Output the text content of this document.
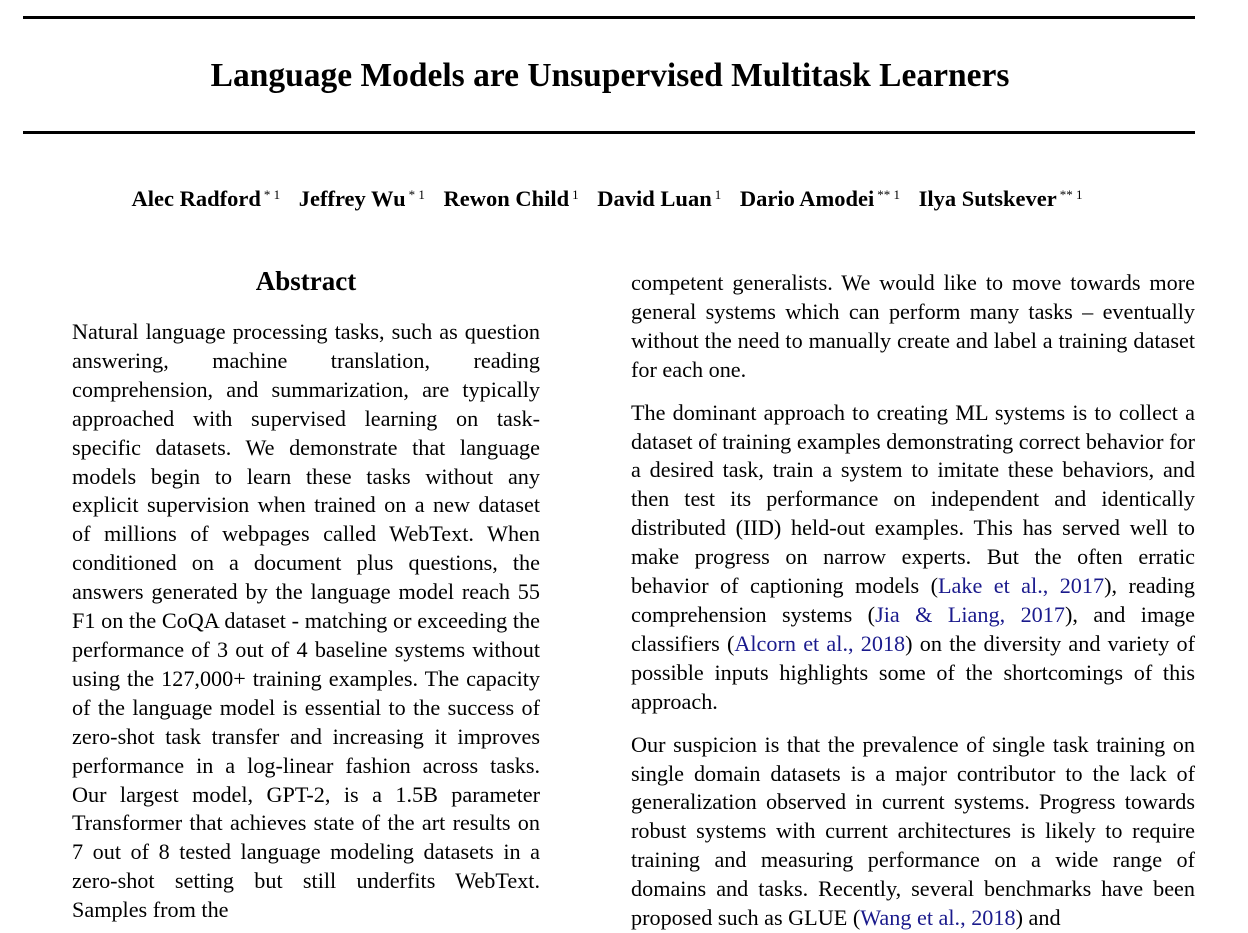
Language Models are Unsupervised Multitask Learners
Alec Radford $^{* 1}$ Jeffrey Wu $^{* 1}$ Rewon Child $^1$ David Luan $^1$ Dario Amodei $^{** 1}$ Ilya Sutskever $^{** 1}$
Abstract

Natural language processing tasks, such as question answering, machine translation, reading comprehension, and summarization, are typically approached with supervised learning on task-specific datasets. We demonstrate that language models begin to learn these tasks without any explicit supervision when trained on a new dataset of millions of webpages called WebText. When conditioned on a document plus questions, the answers generated by the language model reach 55 F1 on the CoQA dataset - matching or exceeding the performance of 3 out of 4 baseline systems without using the 127,000+ training examples. The capacity of the language model is essential to the success of zero-shot task transfer and increasing it improves performance in a log-linear fashion across tasks. Our largest model, GPT-2, is a 1.5B parameter Transformer that achieves state of the art results on 7 out of 8 tested language modeling datasets in a zero-shot setting but still underfits WebText. Samples from the

competent generalists. We would like to move towards more general systems which can perform many tasks – eventually without the need to manually create and label a training dataset for each one.

The dominant approach to creating ML systems is to collect a dataset of training examples demonstrating correct behavior for a desired task, train a system to imitate these behaviors, and then test its performance on independent and identically distributed (IID) held-out examples. This has served well to make progress on narrow experts. But the often erratic behavior of captioning models (Lake et al., 2017), reading comprehension systems (Jia & Liang, 2017), and image classifiers (Alcorn et al., 2018) on the diversity and variety of possible inputs highlights some of the shortcomings of this approach.

Our suspicion is that the prevalence of single task training on single domain datasets is a major contributor to the lack of generalization observed in current systems. Progress towards robust systems with current architectures is likely to require training and measuring performance on a wide range of domains and tasks. Recently, several benchmarks have been proposed such as GLUE (Wang et al., 2018) and
